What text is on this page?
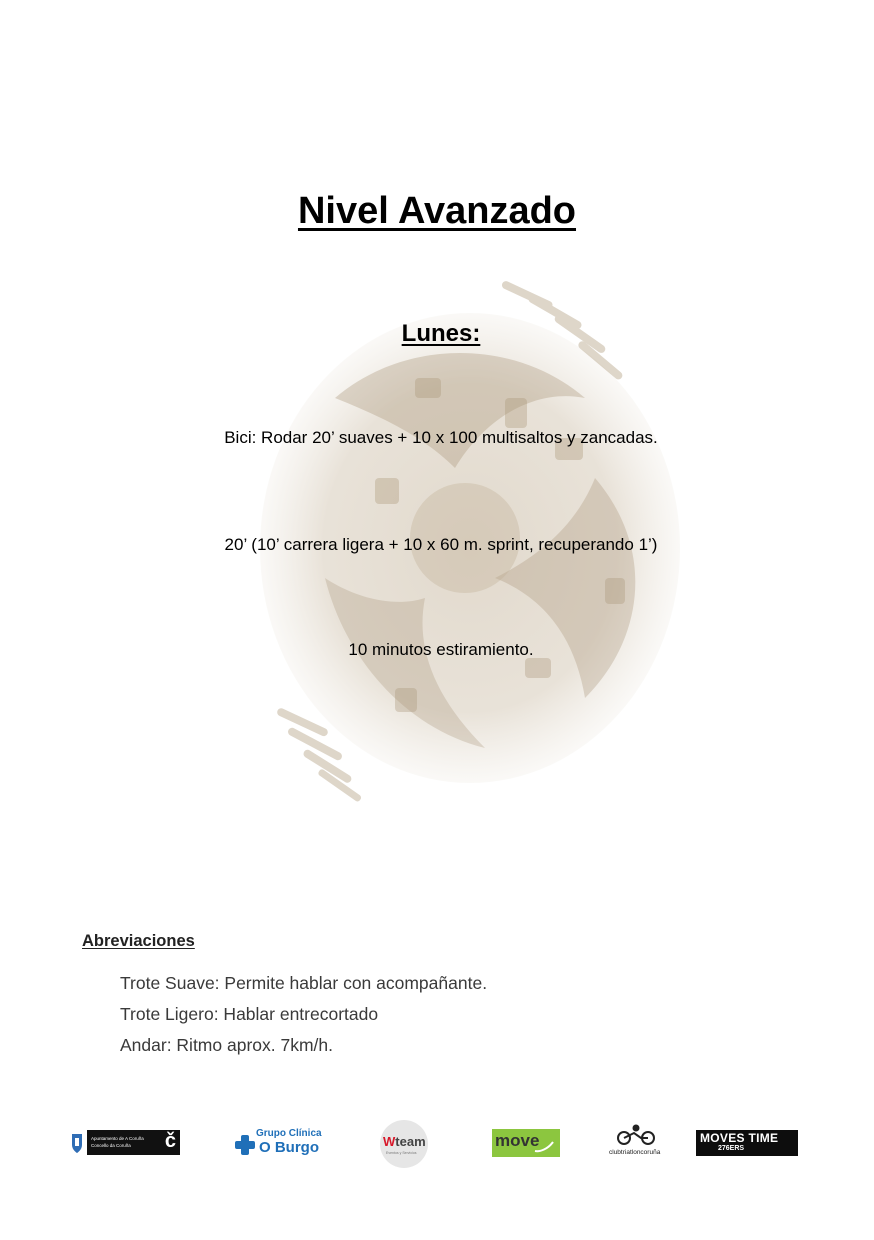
Nivel Avanzado
Lunes:
Bici: Rodar 20’ suaves + 10 x 100 multisaltos y zancadas.
20’ (10’ carrera ligera + 10 x 60 m. sprint, recuperando 1’)
10 minutos estiramiento.
Abreviaciones
Trote Suave: Permite hablar con acompañante.
Trote Ligero: Hablar entrecortado
Andar: Ritmo aprox. 7km/h.
Apuntamento de A Coruña
Concello da Coruña č	Grupo Clínica
O Burgo	Wteam
Eventos y Servicios
move
clubtriatloncoruña
MOVES TIME
276ERS
